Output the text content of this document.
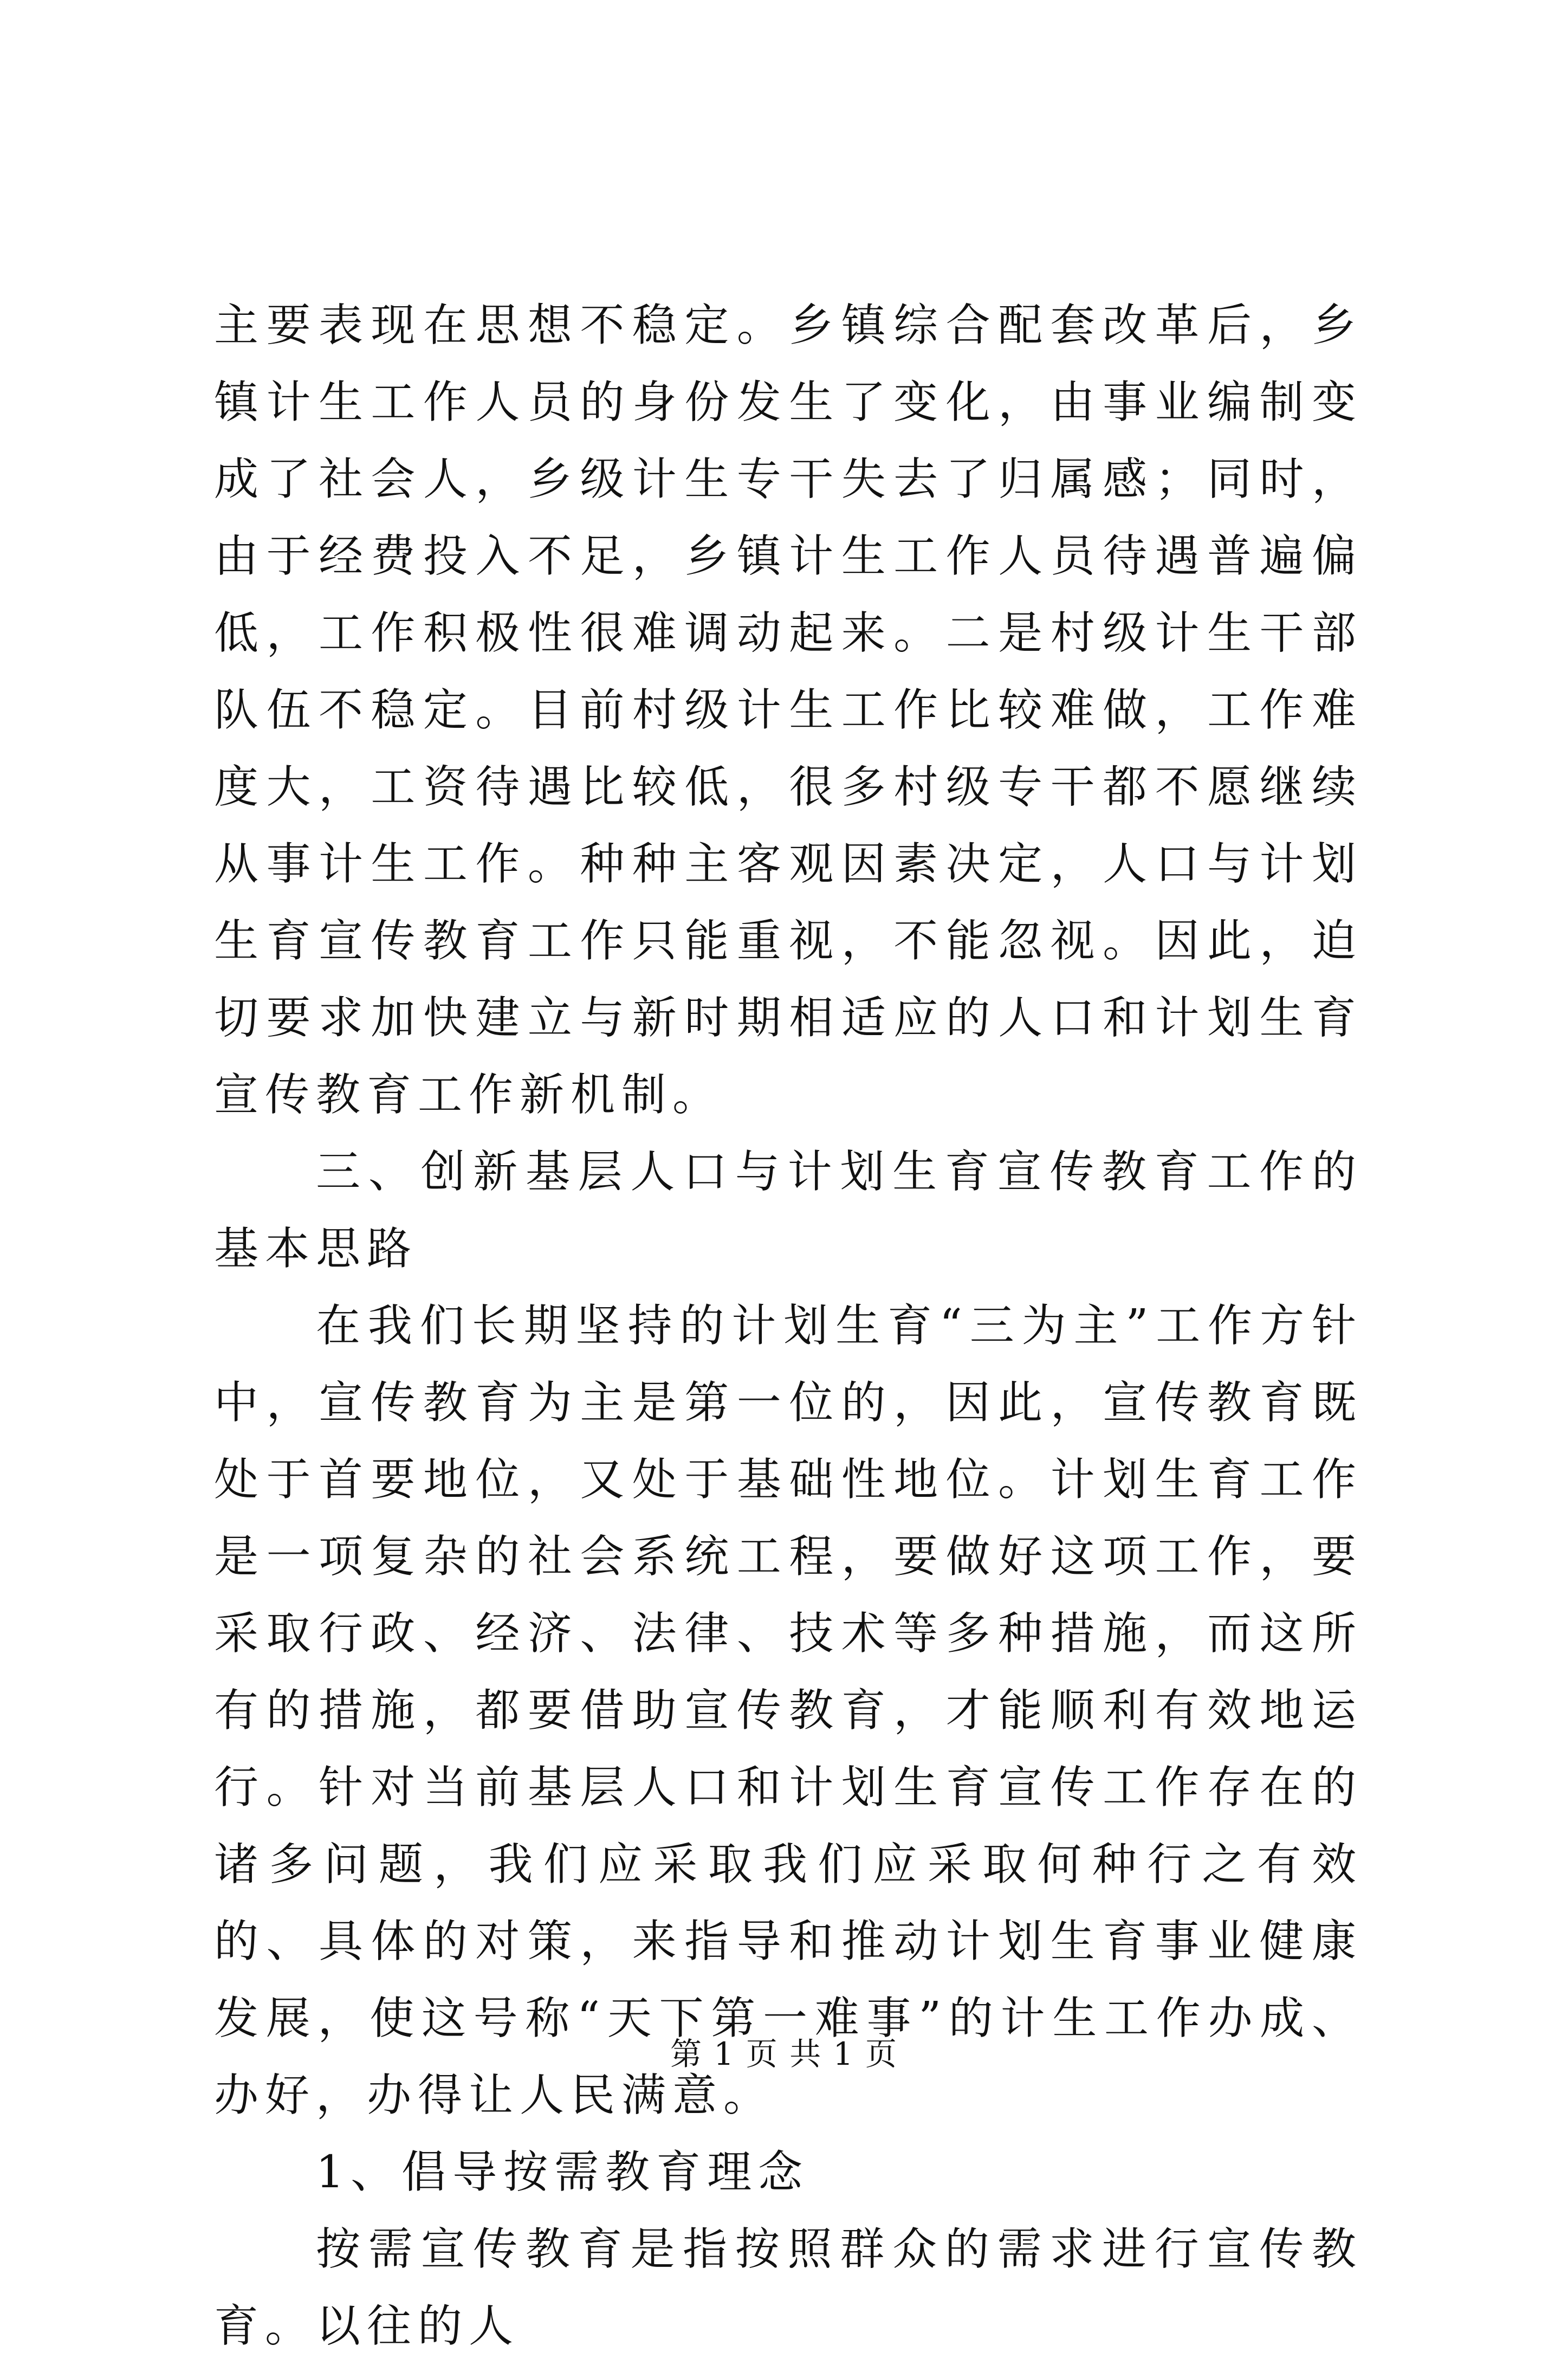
主要表现在思想不稳定。乡镇综合配套改革后，乡镇计生工作人员的身份发生了变化，由事业编制变成了社会人，乡级计生专干失去了归属感；同时，由于经费投入不足，乡镇计生工作人员待遇普遍偏低，工作积极性很难调动起来。二是村级计生干部队伍不稳定。目前村级计生工作比较难做，工作难度大，工资待遇比较低，很多村级专干都不愿继续从事计生工作。种种主客观因素决定，人口与计划生育宣传教育工作只能重视，不能忽视。因此，迫切要求加快建立与新时期相适应的人口和计划生育宣传教育工作新机制。

三、创新基层人口与计划生育宣传教育工作的基本思路

在我们长期坚持的计划生育“三为主”工作方针中，宣传教育为主是第一位的，因此，宣传教育既处于首要地位，又处于基础性地位。计划生育工作是一项复杂的社会系统工程，要做好这项工作，要采取行政、经济、法律、技术等多种措施，而这所有的措施，都要借助宣传教育，才能顺利有效地运行。针对当前基层人口和计划生育宣传工作存在的诸多问题，我们应采取我们应采取何种行之有效的、具体的对策，来指导和推动计划生育事业健康发展，使这号称“天下第一难事”的计生工作办成、办好，办得让人民满意。

1、倡导按需教育理念

按需宣传教育是指按照群众的需求进行宣传教育。以往的人

第 1 页 共 1 页
